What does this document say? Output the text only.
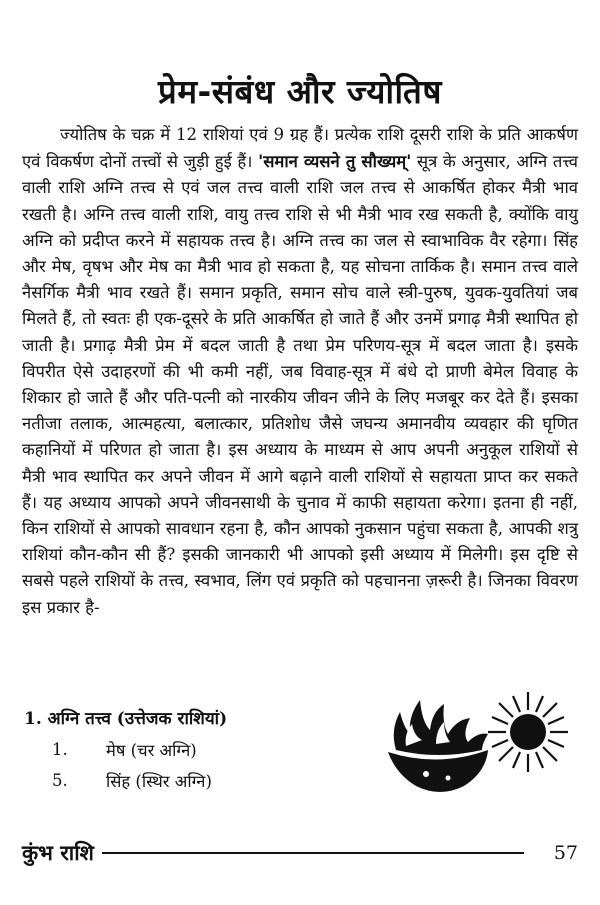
प्रेम-संबंध और ज्योतिष

ज्योतिष के चक्र में 12 राशियां एवं 9 ग्रह हैं। प्रत्येक राशि दूसरी राशि के प्रति आकर्षण एवं विकर्षण दोनों तत्त्वों से जुड़ी हुई हैं। 'समान व्यसने तु सौख्यम्' सूत्र के अनुसार, अग्नि तत्त्व वाली राशि अग्नि तत्त्व से एवं जल तत्त्व वाली राशि जल तत्त्व से आकर्षित होकर मैत्री भाव रखती है। अग्नि तत्त्व वाली राशि, वायु तत्त्व राशि से भी मैत्री भाव रख सकती है, क्योंकि वायु अग्नि को प्रदीप्त करने में सहायक तत्त्व है। अग्नि तत्त्व का जल से स्वाभाविक वैर रहेगा। सिंह और मेष, वृषभ और मेष का मैत्री भाव हो सकता है, यह सोचना तार्किक है। समान तत्त्व वाले नैसर्गिक मैत्री भाव रखते हैं। समान प्रकृति, समान सोच वाले स्त्री-पुरुष, युवक-युवतियां जब मिलते हैं, तो स्वतः ही एक-दूसरे के प्रति आकर्षित हो जाते हैं और उनमें प्रगाढ़ मैत्री स्थापित हो जाती है। प्रगाढ़ मैत्री प्रेम में बदल जाती है तथा प्रेम परिणय-सूत्र में बदल जाता है। इसके विपरीत ऐसे उदाहरणों की भी कमी नहीं, जब विवाह-सूत्र में बंधे दो प्राणी बेमेल विवाह के शिकार हो जाते हैं और पति-पत्नी को नारकीय जीवन जीने के लिए मजबूर कर देते हैं। इसका नतीजा तलाक, आत्महत्या, बलात्कार, प्रतिशोध जैसे जघन्य अमानवीय व्यवहार की घृणित कहानियों में परिणत हो जाता है। इस अध्याय के माध्यम से आप अपनी अनुकूल राशियों से मैत्री भाव स्थापित कर अपने जीवन में आगे बढ़ाने वाली राशियों से सहायता प्राप्त कर सकते हैं। यह अध्याय आपको अपने जीवनसाथी के चुनाव में काफी सहायता करेगा। इतना ही नहीं, किन राशियों से आपको सावधान रहना है, कौन आपको नुकसान पहुंचा सकता है, आपकी शत्रु राशियां कौन-कौन सी हैं? इसकी जानकारी भी आपको इसी अध्याय में मिलेगी। इस दृष्टि से सबसे पहले राशियों के तत्त्व, स्वभाव, लिंग एवं प्रकृति को पहचानना ज़रूरी है। जिनका विवरण इस प्रकार है-

1. अग्नि तत्त्व (उत्तेजक राशियां)
1.	मेष (चर अग्नि)
5.	सिंह (स्थिर अग्नि)
कुंभ राशि	57
